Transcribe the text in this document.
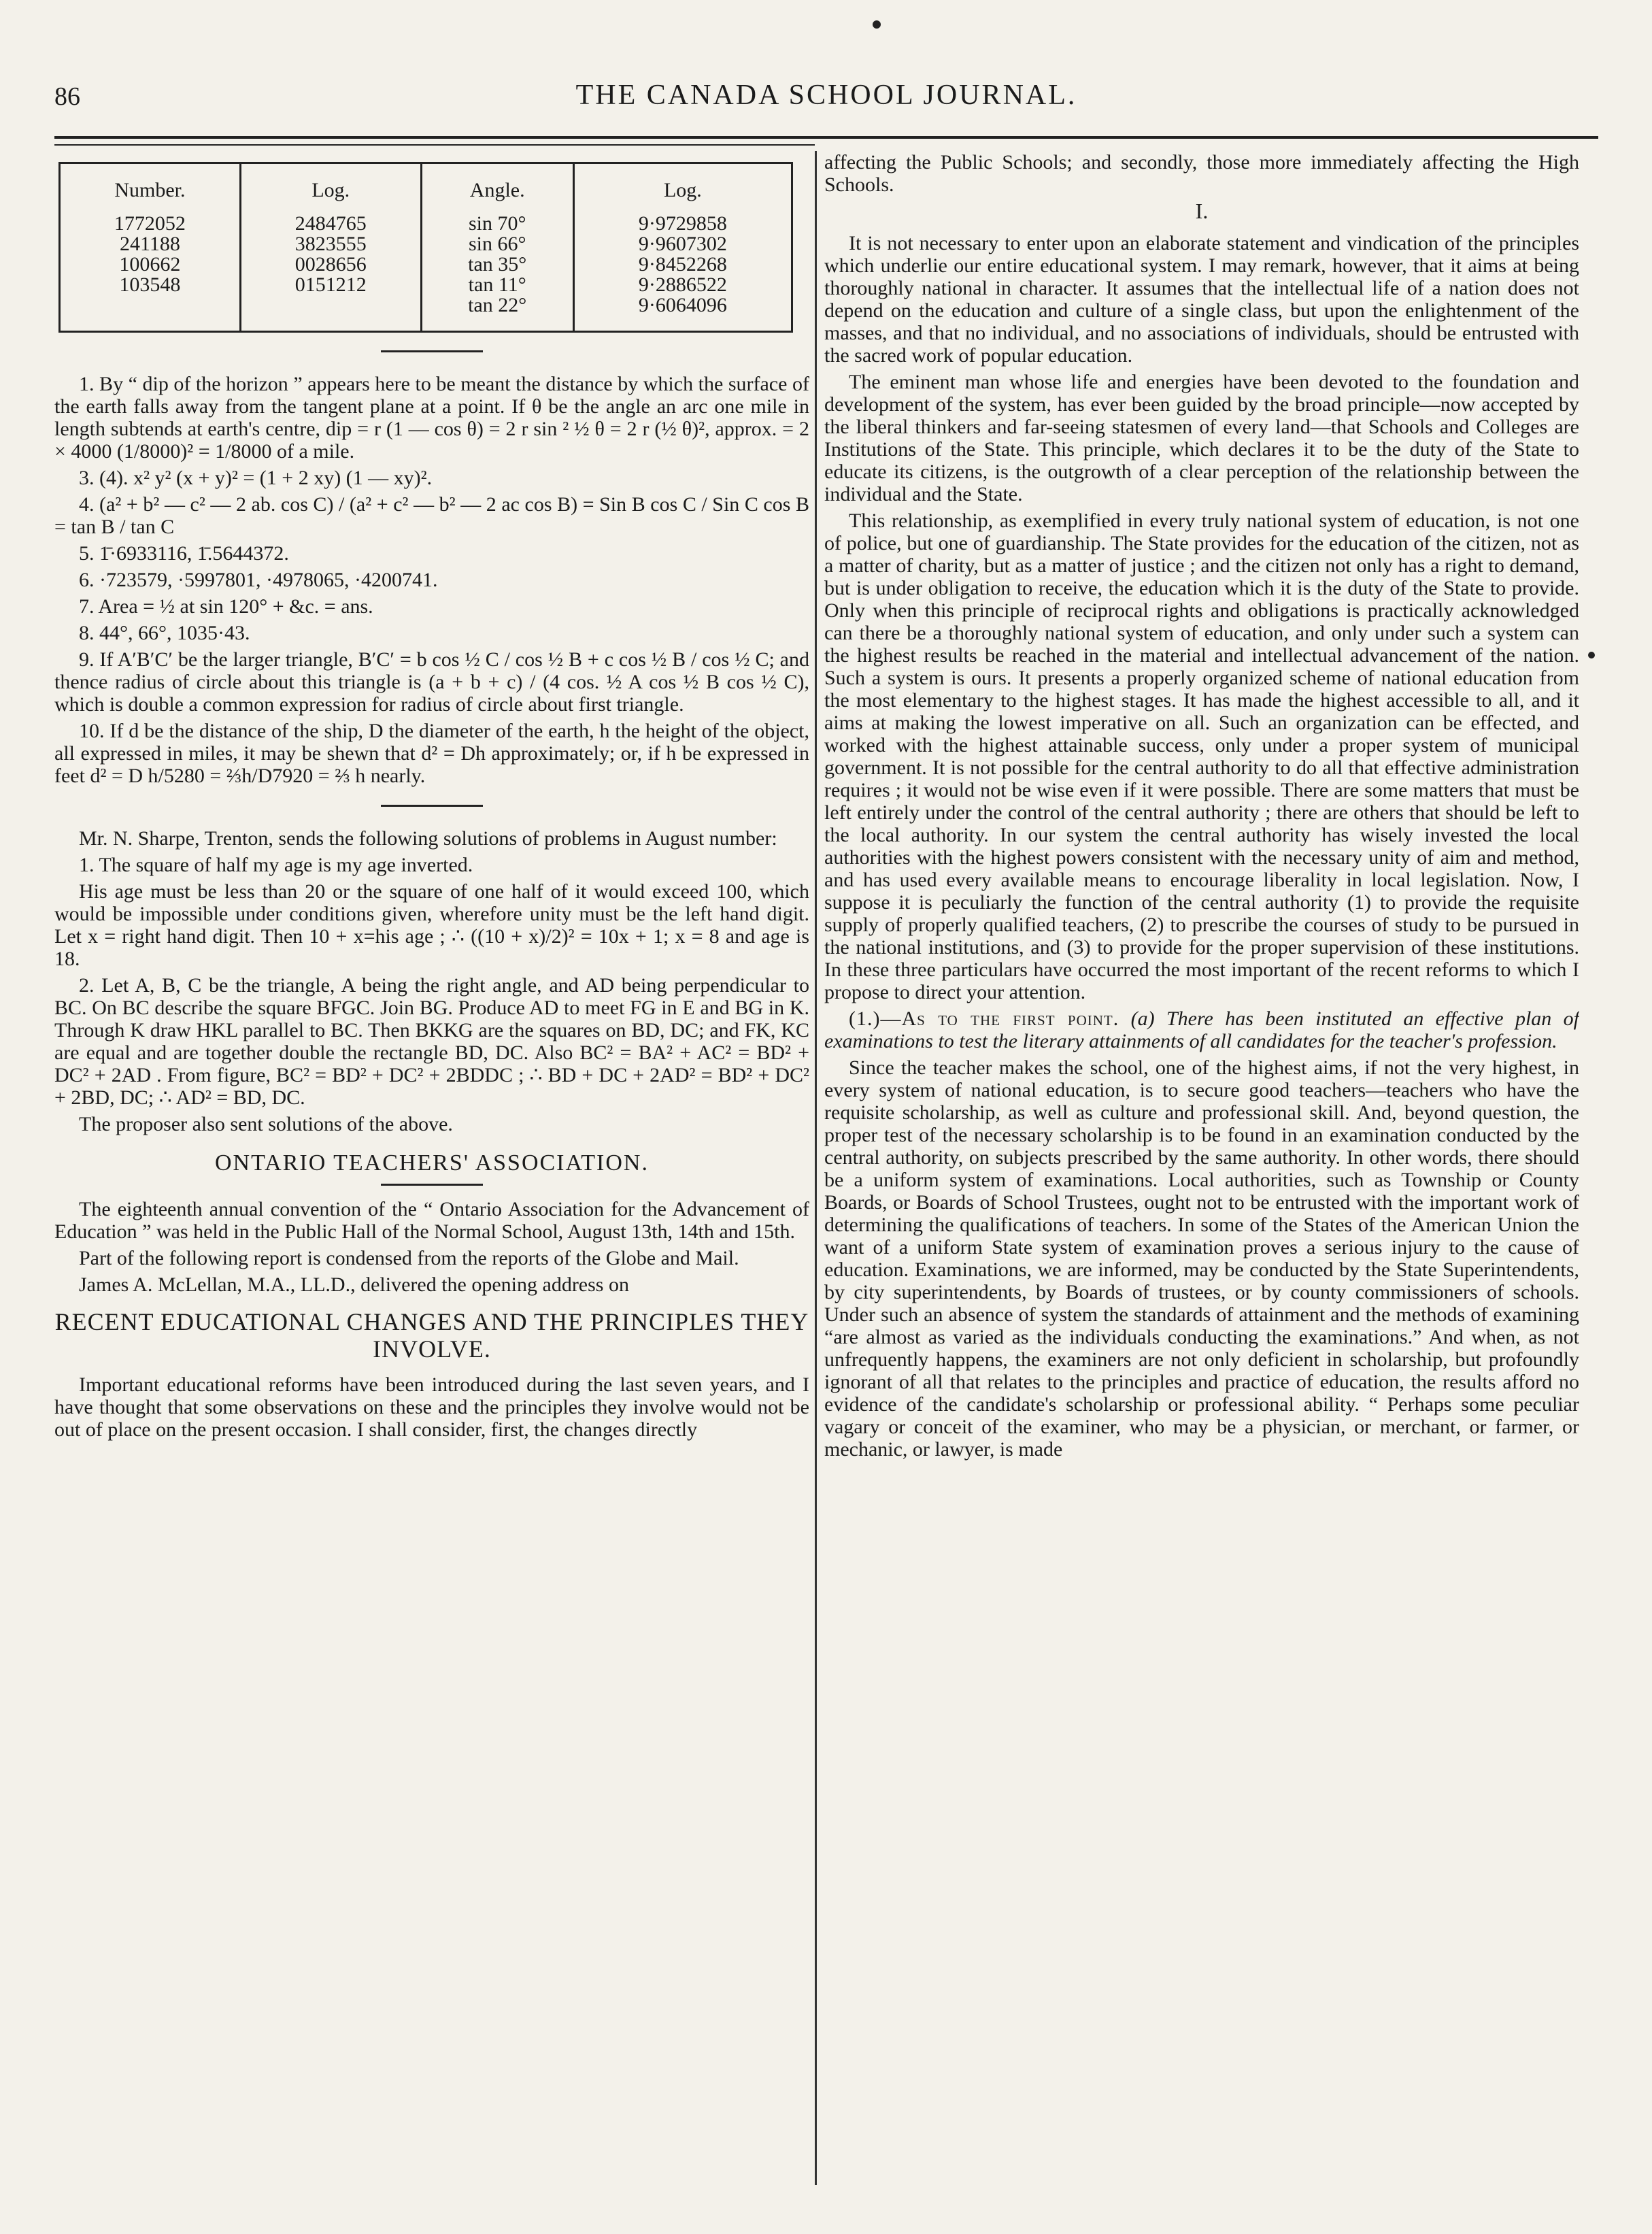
86	THE CANADA SCHOOL JOURNAL.
Number.	Log.	Angle.	Log.
1772052	2484765	sin 70°	9·9729858
241188	3823555	sin 66°	9·9607302
100662	0028656	tan 35°	9·8452268
103548	0151212	tan 11°	9·2886522
		tan 22°	9·6064096

1. By “ dip of the horizon ” appears here to be meant the distance by which the surface of the earth falls away from the tangent plane at a point. If θ be the angle an arc one mile in length subtends at earth's centre, dip = r (1 — cos θ) = 2 r sin ² ½ θ = 2 r (½ θ)², approx. = 2 × 4000 (1/8000)² = 1/8000 of a mile.

3. (4). x² y² (x + y)² = (1 + 2 xy) (1 — xy)².

4. (a² + b² — c² — 2 ab. cos C) / (a² + c² — b² — 2 ac cos B) = Sin B cos C / Sin C cos B = tan B / tan C

5. 1̄·6933116, 1̄.5644372.

6. ·723579, ·5997801, ·4978065, ·4200741.

7. Area = ½ at sin 120° + &c. = ans.

8. 44°, 66°, 1035·43.

9. If A′B′C′ be the larger triangle, B′C′ = b cos ½ C / cos ½ B + c cos ½ B / cos ½ C; and thence radius of circle about this triangle is (a + b + c) / (4 cos. ½ A cos ½ B cos ½ C), which is double a common expression for radius of circle about first triangle.

10. If d be the distance of the ship, D the diameter of the earth, h the height of the object, all expressed in miles, it may be shewn that d² = Dh approximately; or, if h be expressed in feet d² = D h/5280 = ⅔h/D7920 = ⅔ h nearly.

Mr. N. Sharpe, Trenton, sends the following solutions of problems in August number:

1. The square of half my age is my age inverted.

His age must be less than 20 or the square of one half of it would exceed 100, which would be impossible under conditions given, wherefore unity must be the left hand digit. Let x = right hand digit. Then 10 + x=his age ; ∴ ((10 + x)/2)² = 10x + 1; x = 8 and age is 18.

2. Let A, B, C be the triangle, A being the right angle, and AD being perpendicular to BC. On BC describe the square BFGC. Join BG. Produce AD to meet FG in E and BG in K. Through K draw HKL parallel to BC. Then BKKG are the squares on BD, DC; and FK, KC are equal and are together double the rectangle BD, DC. Also BC² = BA² + AC² = BD² + DC² + 2AD . From figure, BC² = BD² + DC² + 2BDDC ; ∴ BD + DC + 2AD² = BD² + DC² + 2BD, DC; ∴ AD² = BD, DC.

The proposer also sent solutions of the above.

ONTARIO TEACHERS' ASSOCIATION.

The eighteenth annual convention of the “ Ontario Association for the Advancement of Education ” was held in the Public Hall of the Normal School, August 13th, 14th and 15th.

Part of the following report is condensed from the reports of the Globe and Mail.

James A. McLellan, M.A., LL.D., delivered the opening address on

RECENT EDUCATIONAL CHANGES AND THE PRINCIPLES THEY INVOLVE.

Important educational reforms have been introduced during the last seven years, and I have thought that some observations on these and the principles they involve would not be out of place on the present occasion. I shall consider, first, the changes directly

affecting the Public Schools; and secondly, those more immediately affecting the High Schools.

I.

It is not necessary to enter upon an elaborate statement and vindication of the principles which underlie our entire educational system. I may remark, however, that it aims at being thoroughly national in character. It assumes that the intellectual life of a nation does not depend on the education and culture of a single class, but upon the enlightenment of the masses, and that no individual, and no associations of individuals, should be entrusted with the sacred work of popular education.

The eminent man whose life and energies have been devoted to the foundation and development of the system, has ever been guided by the broad principle—now accepted by the liberal thinkers and far-seeing statesmen of every land—that Schools and Colleges are Institutions of the State. This principle, which declares it to be the duty of the State to educate its citizens, is the outgrowth of a clear perception of the relationship between the individual and the State.

This relationship, as exemplified in every truly national system of education, is not one of police, but one of guardianship. The State provides for the education of the citizen, not as a matter of charity, but as a matter of justice ; and the citizen not only has a right to demand, but is under obligation to receive, the education which it is the duty of the State to provide. Only when this principle of reciprocal rights and obligations is practically acknowledged can there be a thoroughly national system of education, and only under such a system can the highest results be reached in the material and intellectual advancement of the nation. Such a system is ours. It presents a properly organized scheme of national education from the most elementary to the highest stages. It has made the highest accessible to all, and it aims at making the lowest imperative on all. Such an organization can be effected, and worked with the highest attainable success, only under a proper system of municipal government. It is not possible for the central authority to do all that effective administration requires ; it would not be wise even if it were possible. There are some matters that must be left entirely under the control of the central authority ; there are others that should be left to the local authority. In our system the central authority has wisely invested the local authorities with the highest powers consistent with the necessary unity of aim and method, and has used every available means to encourage liberality in local legislation. Now, I suppose it is peculiarly the function of the central authority (1) to provide the requisite supply of properly qualified teachers, (2) to prescribe the courses of study to be pursued in the national institutions, and (3) to provide for the proper supervision of these institutions. In these three particulars have occurred the most important of the recent reforms to which I propose to direct your attention.

(1.)—As to the first point. (a) There has been instituted an effective plan of examinations to test the literary attainments of all candidates for the teacher's profession.

Since the teacher makes the school, one of the highest aims, if not the very highest, in every system of national education, is to secure good teachers—teachers who have the requisite scholarship, as well as culture and professional skill. And, beyond question, the proper test of the necessary scholarship is to be found in an examination conducted by the central authority, on subjects prescribed by the same authority. In other words, there should be a uniform system of examinations. Local authorities, such as Township or County Boards, or Boards of School Trustees, ought not to be entrusted with the important work of determining the qualifications of teachers. In some of the States of the American Union the want of a uniform State system of examination proves a serious injury to the cause of education. Examinations, we are informed, may be conducted by the State Superintendents, by city superintendents, by Boards of trustees, or by county commissioners of schools. Under such an absence of system the standards of attainment and the methods of examining “are almost as varied as the individuals conducting the examinations.” And when, as not unfrequently happens, the examiners are not only deficient in scholarship, but profoundly ignorant of all that relates to the principles and practice of education, the results afford no evidence of the candidate's scholarship or professional ability. “ Perhaps some peculiar vagary or conceit of the examiner, who may be a physician, or merchant, or farmer, or mechanic, or lawyer, is made
